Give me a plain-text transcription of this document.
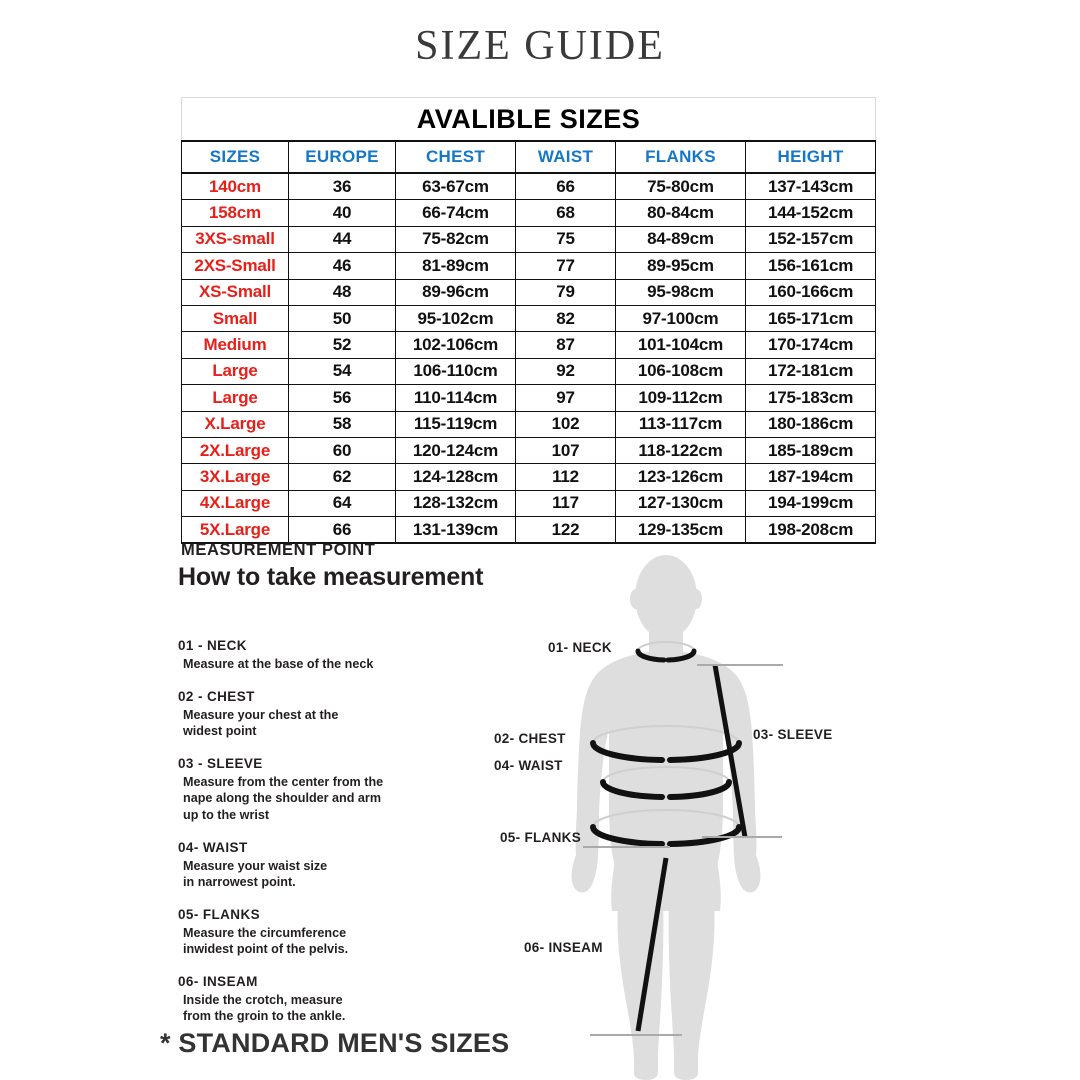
SIZE GUIDE
AVALIBLE SIZES					
SIZES	EUROPE	CHEST	WAIST	FLANKS	HEIGHT
140cm	36	63-67cm	66	75-80cm	137-143cm
158cm	40	66-74cm	68	80-84cm	144-152cm
3XS-small	44	75-82cm	75	84-89cm	152-157cm
2XS-Small	46	81-89cm	77	89-95cm	156-161cm
XS-Small	48	89-96cm	79	95-98cm	160-166cm
Small	50	95-102cm	82	97-100cm	165-171cm
Medium	52	102-106cm	87	101-104cm	170-174cm
Large	54	106-110cm	92	106-108cm	172-181cm
Large	56	110-114cm	97	109-112cm	175-183cm
X.Large	58	115-119cm	102	113-117cm	180-186cm
2X.Large	60	120-124cm	107	118-122cm	185-189cm
3X.Large	62	124-128cm	112	123-126cm	187-194cm
4X.Large	64	128-132cm	117	127-130cm	194-199cm
5X.Large	66	131-139cm	122	129-135cm	198-208cm
MEASUREMENT POINT
How to take measurement
01 - NECK
Measure at the base of the neck
02 - CHEST
Measure your chest at the
widest point
03 - SLEEVE
Measure from the center from the
nape along the shoulder and arm
up to the wrist
04- WAIST
Measure your waist size
in narrowest point.
05- FLANKS
Measure the circumference
inwidest point of the pelvis.
06- INSEAM
Inside the crotch, measure
from the groin to the ankle.
* STANDARD MEN'S SIZES
01- NECK
02- CHEST
04- WAIST
03- SLEEVE
05- FLANKS
06- INSEAM
